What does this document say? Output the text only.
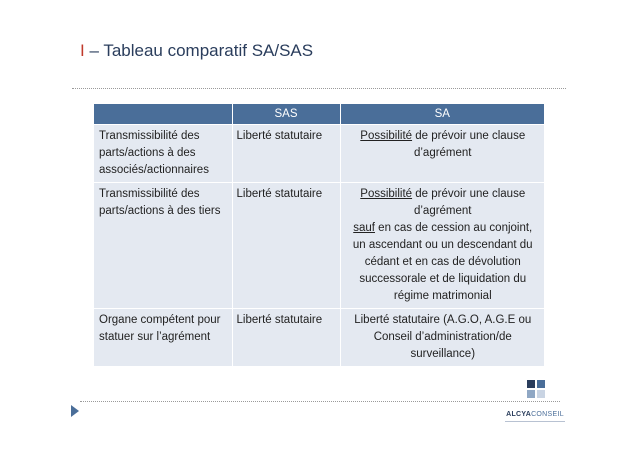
I – Tableau comparatif SA/SAS
	SAS	SA
Transmissibilité des parts/actions à des associés/actionnaires	Liberté statutaire	Possibilité de prévoir une clause d’agrément
Transmissibilité des parts/actions à des tiers	Liberté statutaire	Possibilité de prévoir une clause d’agrément
sauf en cas de cession au conjoint, un ascendant ou un descendant du cédant et en cas de dévolution successorale et de liquidation du régime matrimonial
Organe compétent pour statuer sur l’agrément	Liberté statutaire	Liberté statutaire (A.G.O, A.G.E ou Conseil d’administration/de surveillance)
ALCYACONSEIL
